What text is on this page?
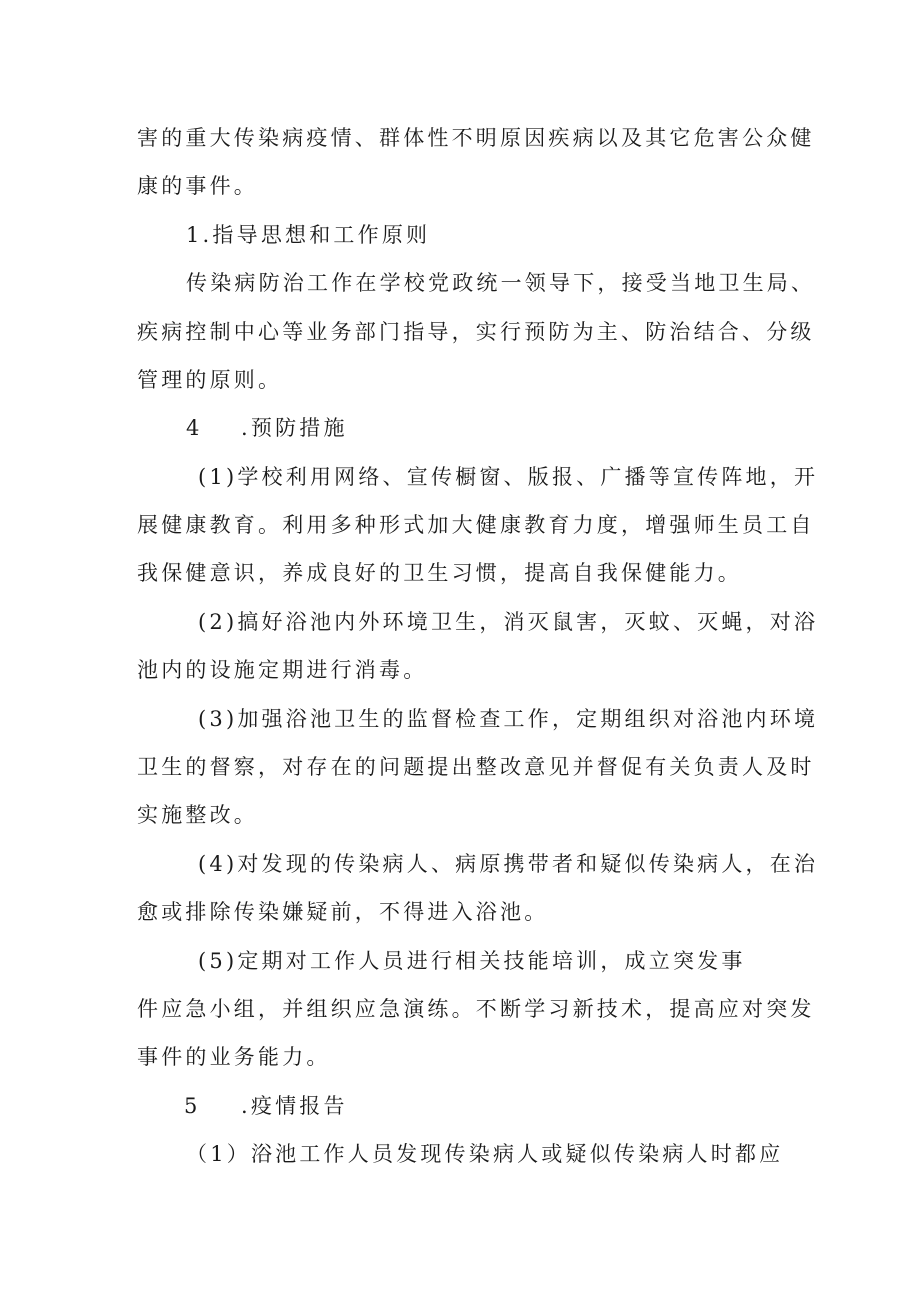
害的重大传染病疫情、群体性不明原因疾病以及其它危害公众健
康的事件。
1.指导思想和工作原则
传染病防治工作在学校党政统一领导下，接受当地卫生局、
疾病控制中心等业务部门指导，实行预防为主、防治结合、分级
管理的原则。
4 .预防措施
(1)学校利用网络、宣传橱窗、版报、广播等宣传阵地，开
展健康教育。利用多种形式加大健康教育力度，增强师生员工自
我保健意识，养成良好的卫生习惯，提高自我保健能力。
(2)搞好浴池内外环境卫生，消灭鼠害，灭蚊、灭蝇，对浴
池内的设施定期进行消毒。
(3)加强浴池卫生的监督检查工作，定期组织对浴池内环境
卫生的督察，对存在的问题提出整改意见并督促有关负责人及时
实施整改。
(4)对发现的传染病人、病原携带者和疑似传染病人，在治
愈或排除传染嫌疑前，不得进入浴池。
(5)定期对工作人员进行相关技能培训，成立突发事
件应急小组，并组织应急演练。不断学习新技术，提高应对突发
事件的业务能力。
5 .疫情报告
（1）浴池工作人员发现传染病人或疑似传染病人时都应
